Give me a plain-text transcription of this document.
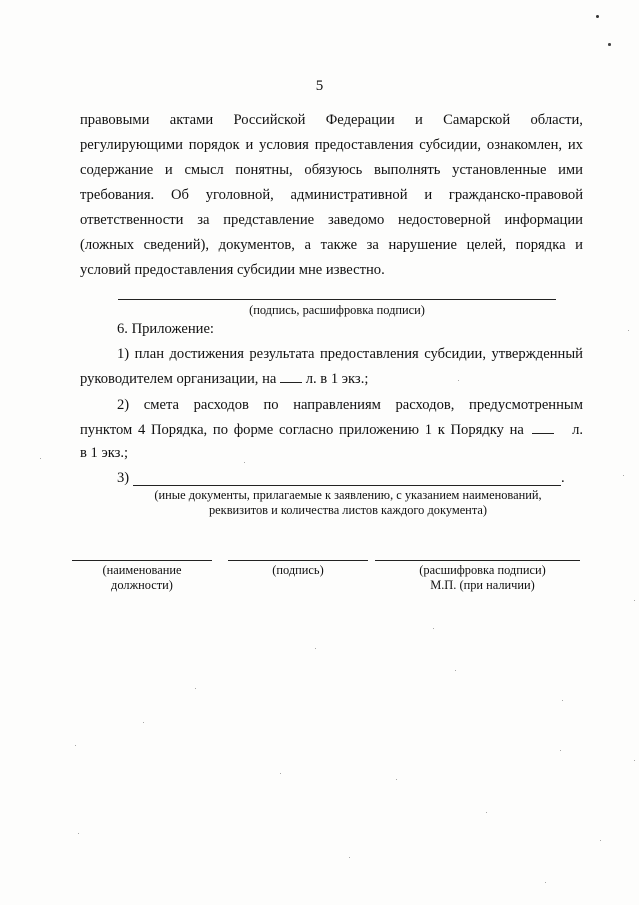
5
правовыми актами Российской Федерации и Самарской области,
регулирующими порядок и условия предоставления субсидии, ознакомлен, их
содержание и смысл понятны, обязуюсь выполнять установленные ими
требования. Об уголовной, административной и гражданско-правовой
ответственности за представление заведомо недостоверной информации
(ложных сведений), документов, а также за нарушение целей, порядка и
условий предоставления субсидии мне известно.
(подпись, расшифровка подписи)
6. Приложение:
1) план достижения результата предоставления субсидии, утвержденный
руководителем организации, на л. в 1 экз.;
2) смета расходов по направлениям расходов, предусмотренным
пунктом 4 Порядка, по форме согласно приложению 1 к Порядку на	л.
в 1 экз.;
3)	.
(иные документы, прилагаемые к заявлению, с указанием наименований,
реквизитов и количества листов каждого документа)
(наименование
должности)
(подпись)	(расшифровка подписи)
М.П. (при наличии)
